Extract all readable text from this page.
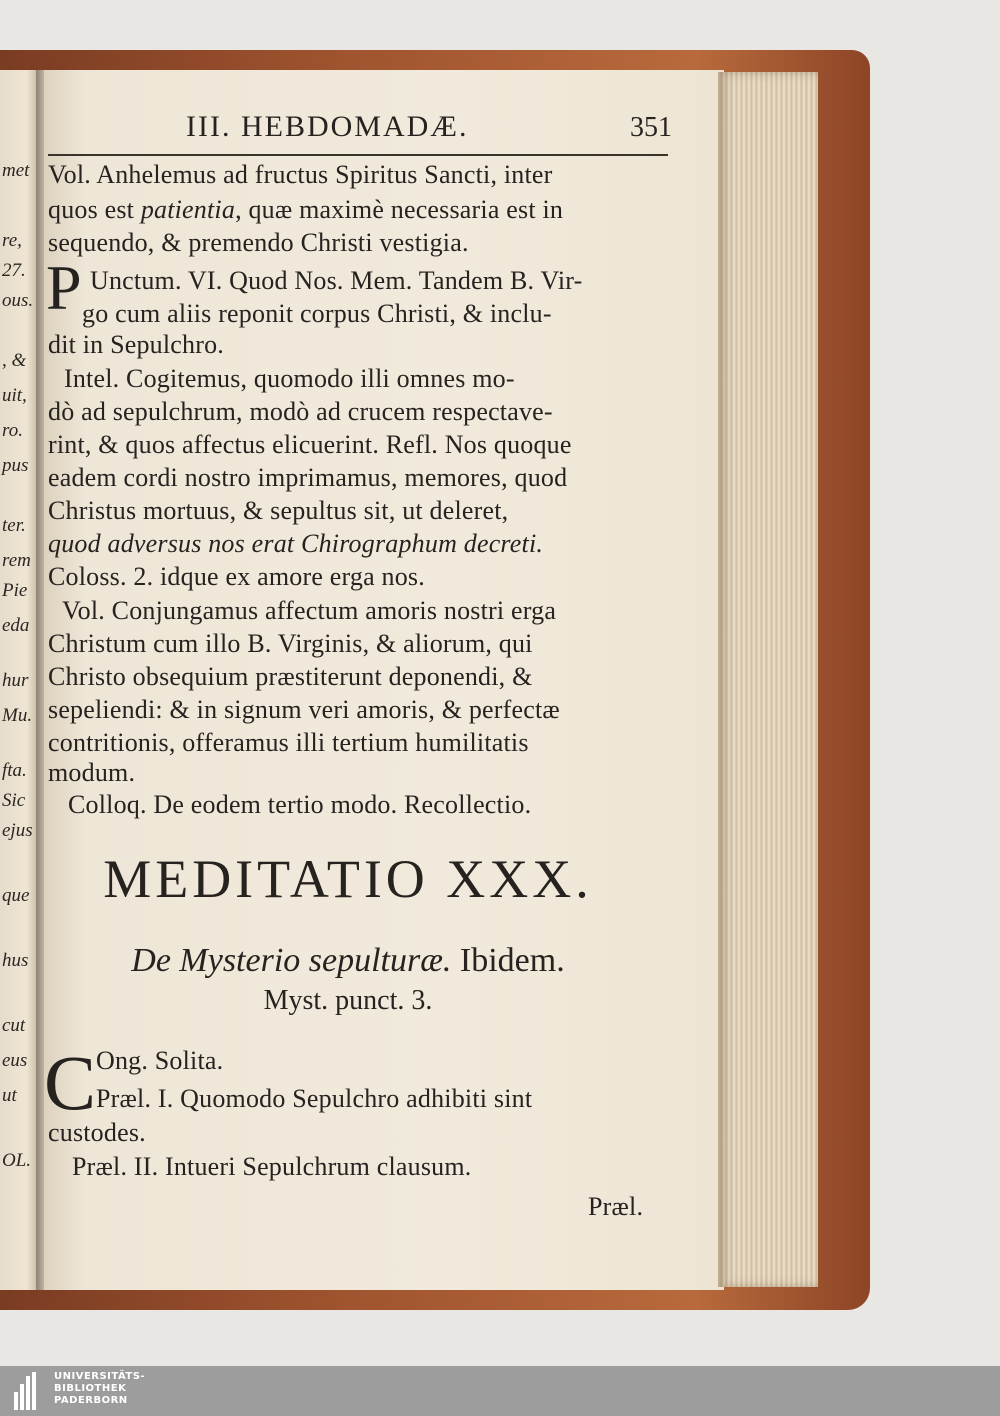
met
re,
27.
ous.
, &
uit,
ro.
pus
ter.
rem
Pie
eda
hur
Mu.
fta.
Sic
ejus
que
hus
cut
eus
ut
OL.
III. HEBDOMADÆ.	351
Vol. Anhelemus ad fructus Spiritus Sancti, inter
quos est patientia, quæ maximè necessaria est in
sequendo, & premendo Christi vestigia.
P Unctum. VI. Quod Nos. Mem. Tandem B. Vir-
go cum aliis reponit corpus Christi, & inclu-
dit in Sepulchro.
Intel. Cogitemus, quomodo illi omnes mo-
dò ad sepulchrum, modò ad crucem respectave-
rint, & quos affectus elicuerint. Refl. Nos quoque
eadem cordi nostro imprimamus, memores, quod
Christus mortuus, & sepultus sit, ut deleret,
quod adversus nos erat Chirographum decreti.
Coloss. 2. idque ex amore erga nos.
Vol. Conjungamus affectum amoris nostri erga
Christum cum illo B. Virginis, & aliorum, qui
Christo obsequium præstiterunt deponendi, &
sepeliendi: & in signum veri amoris, & perfectæ
contritionis, offeramus illi tertium humilitatis
modum.
Colloq. De eodem tertio modo. Recollectio.
MEDITATIO XXX.
De Mysterio sepulturæ. Ibidem.
Myst. punct. 3.
C Ong. Solita.
Præl. I. Quomodo Sepulchro adhibiti sint
custodes.
Præl. II. Intueri Sepulchrum clausum.
Præl.
UNIVERSITÄTS-
BIBLIOTHEK
PADERBORN
